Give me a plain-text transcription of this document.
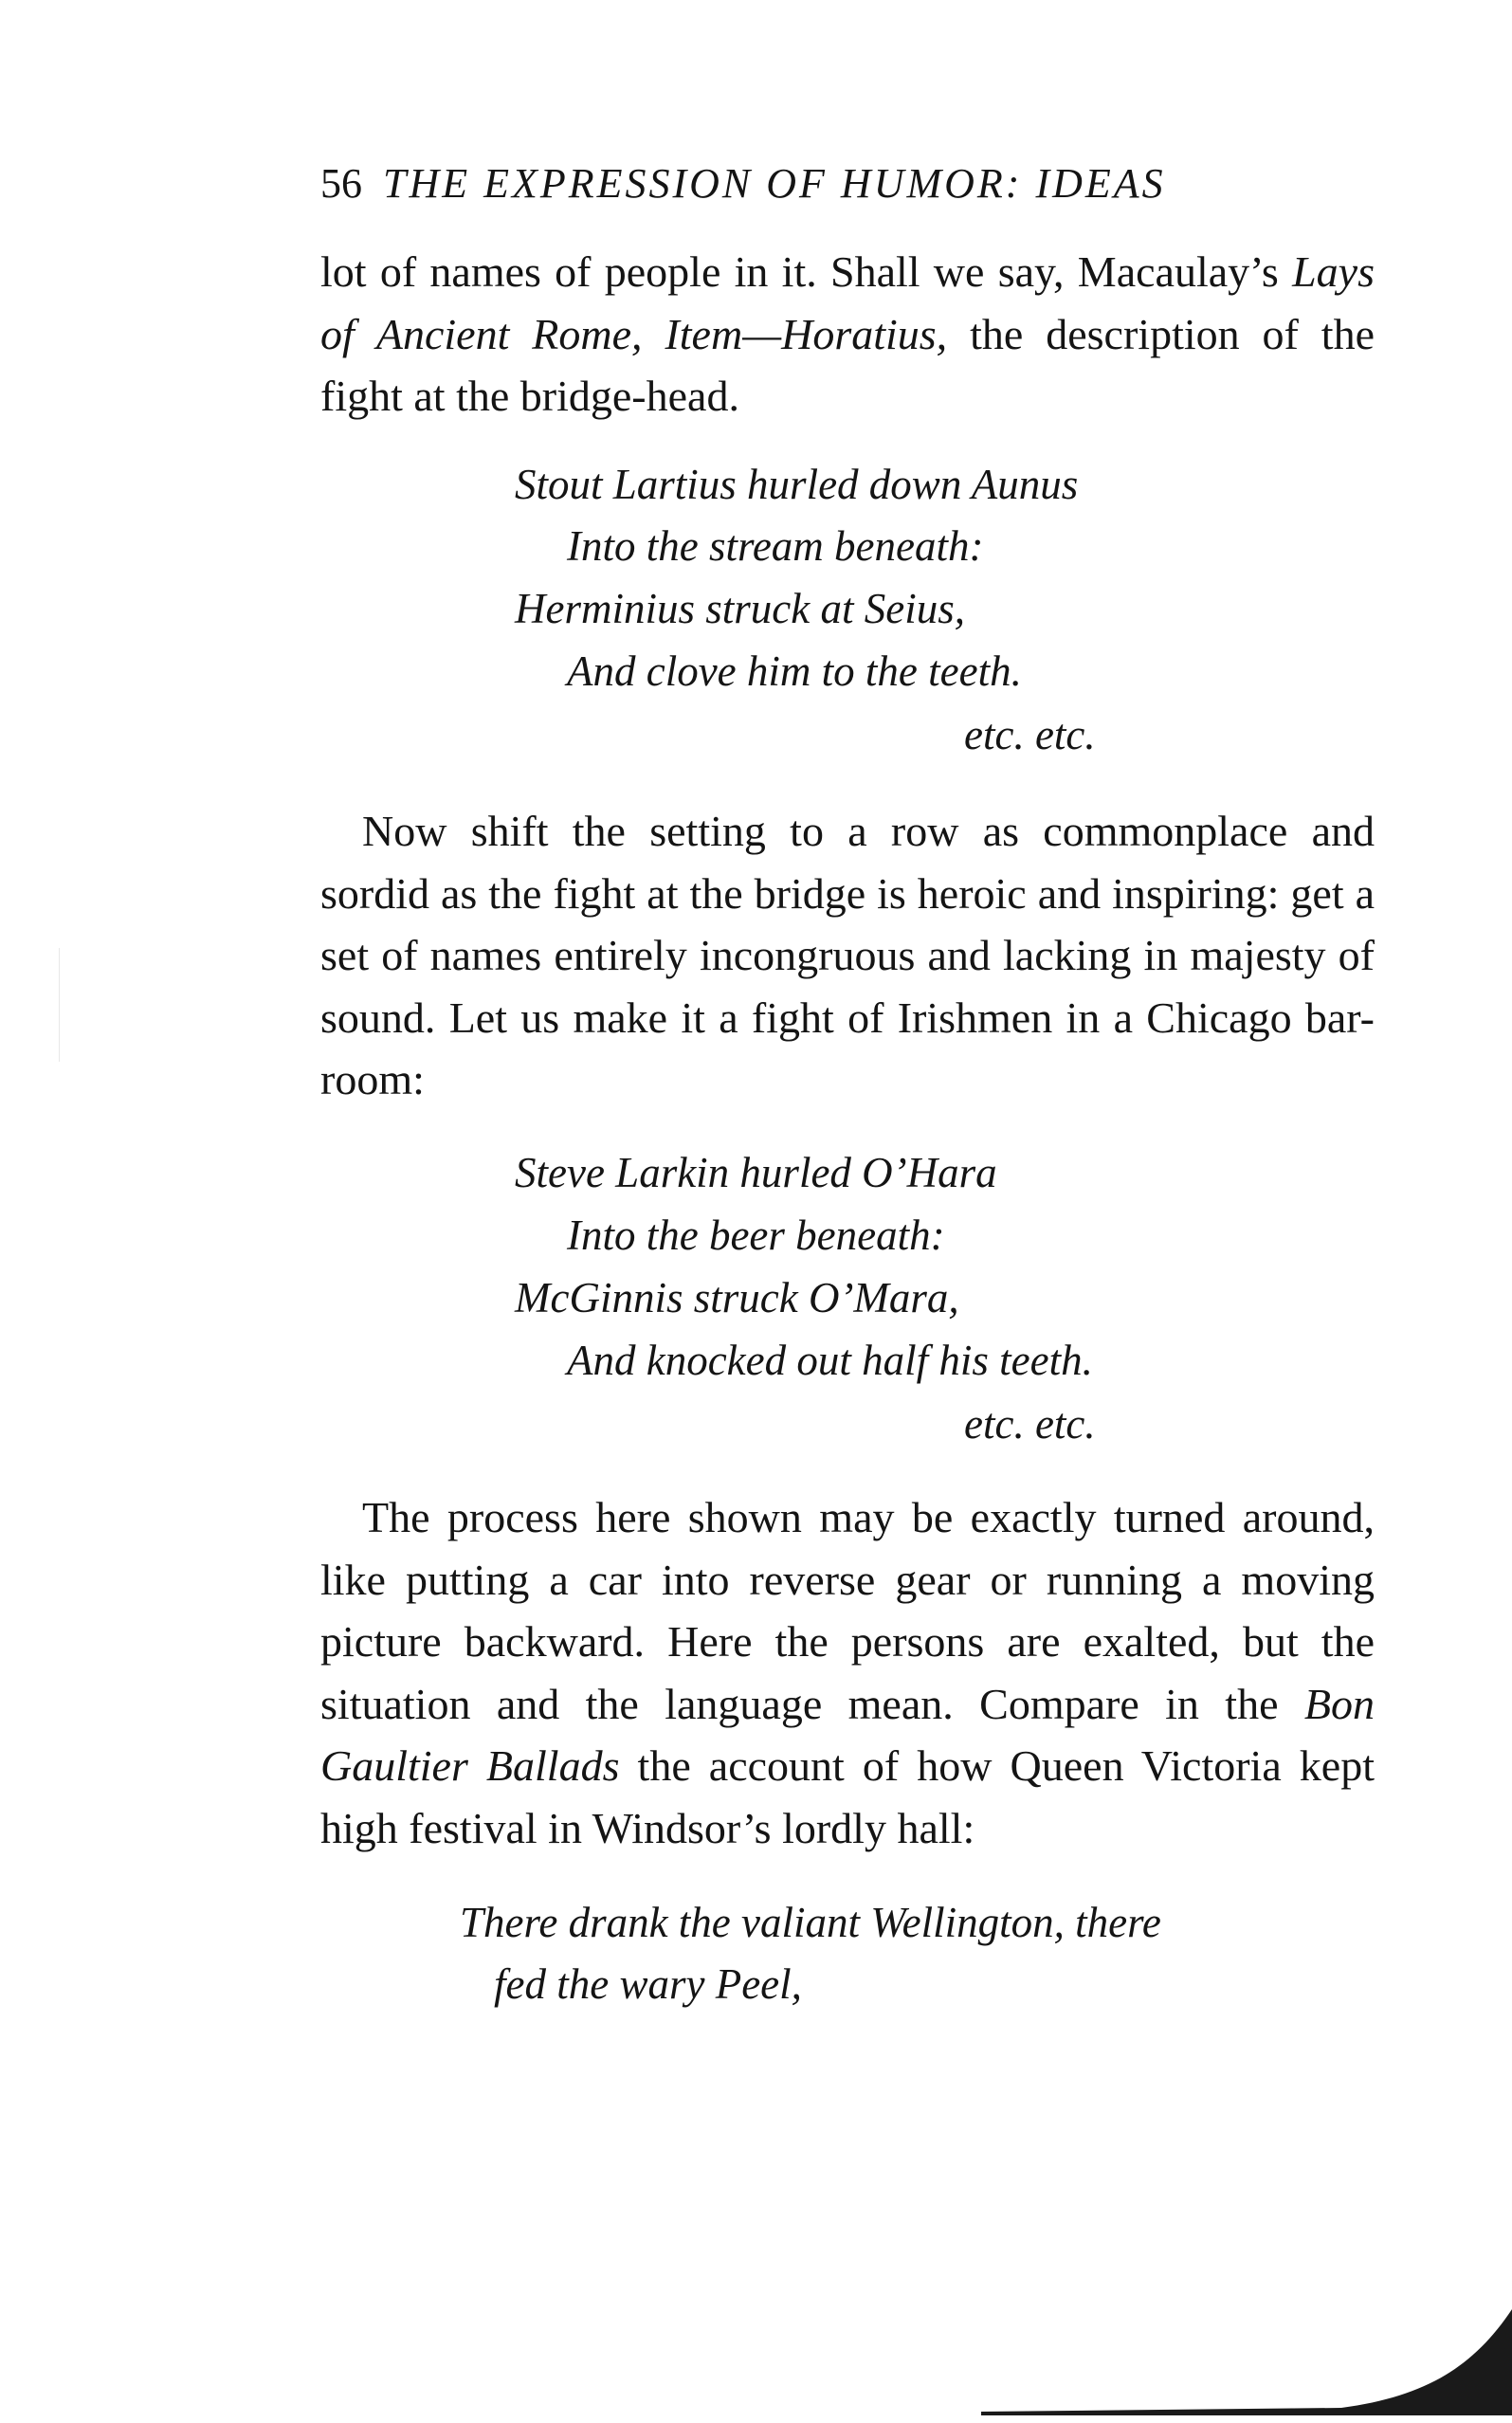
56 THE EXPRESSION OF HUMOR: IDEAS

lot of names of people in it. Shall we say, Macaulay’s Lays of Ancient Rome, Item—Horatius, the description of the fight at the bridge-head.

Stout Lartius hurled down Aunus
Into the stream beneath:
Herminius struck at Seius,
And clove him to the teeth.
etc. etc.

Now shift the setting to a row as commonplace and sordid as the fight at the bridge is heroic and inspiring: get a set of names entirely incongruous and lacking in majesty of sound. Let us make it a fight of Irishmen in a Chicago bar-room:

Steve Larkin hurled O’Hara
Into the beer beneath:
McGinnis struck O’Mara,
And knocked out half his teeth.
etc. etc.

The process here shown may be exactly turned around, like putting a car into reverse gear or running a moving picture backward. Here the persons are exalted, but the situation and the language mean. Compare in the Bon Gaultier Ballads the account of how Queen Victoria kept high festival in Windsor’s lordly hall:

There drank the valiant Wellington, there
fed the wary Peel,
